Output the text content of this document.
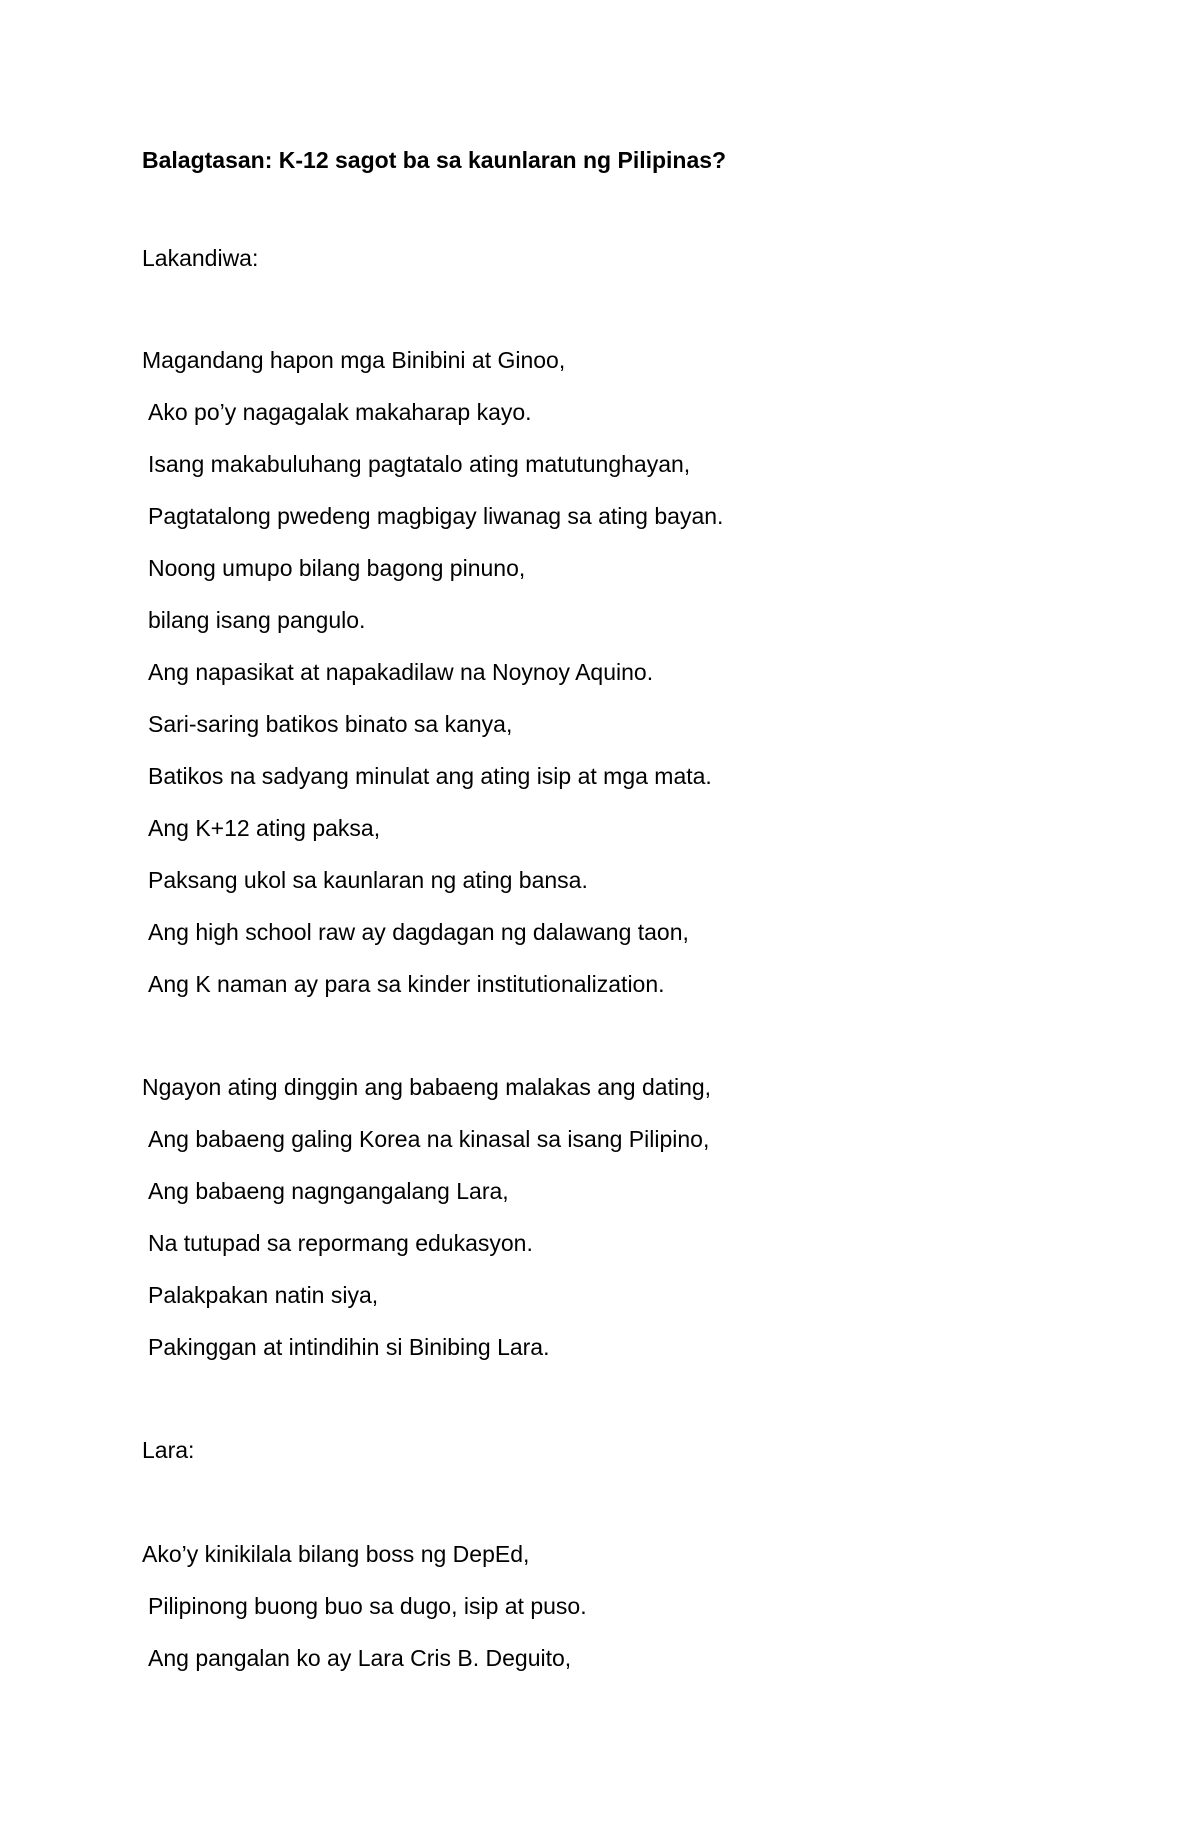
Balagtasan: K-12 sagot ba sa kaunlaran ng Pilipinas?
Lakandiwa:
Magandang hapon mga Binibini at Ginoo,
Ako po’y nagagalak makaharap kayo.
Isang makabuluhang pagtatalo ating matutunghayan,
Pagtatalong pwedeng magbigay liwanag sa ating bayan.
Noong umupo bilang bagong pinuno,
bilang isang pangulo.
Ang napasikat at napakadilaw na Noynoy Aquino.
Sari-saring batikos binato sa kanya,
Batikos na sadyang minulat ang ating isip at mga mata.
Ang K+12 ating paksa,
Paksang ukol sa kaunlaran ng ating bansa.
Ang high school raw ay dagdagan ng dalawang taon,
Ang K naman ay para sa kinder institutionalization.
Ngayon ating dinggin ang babaeng malakas ang dating,
Ang babaeng galing Korea na kinasal sa isang Pilipino,
Ang babaeng nagngangalang Lara,
Na tutupad sa repormang edukasyon.
Palakpakan natin siya,
Pakinggan at intindihin si Binibing Lara.
Lara:
Ako’y kinikilala bilang boss ng DepEd,
Pilipinong buong buo sa dugo, isip at puso.
Ang pangalan ko ay Lara Cris B. Deguito,
